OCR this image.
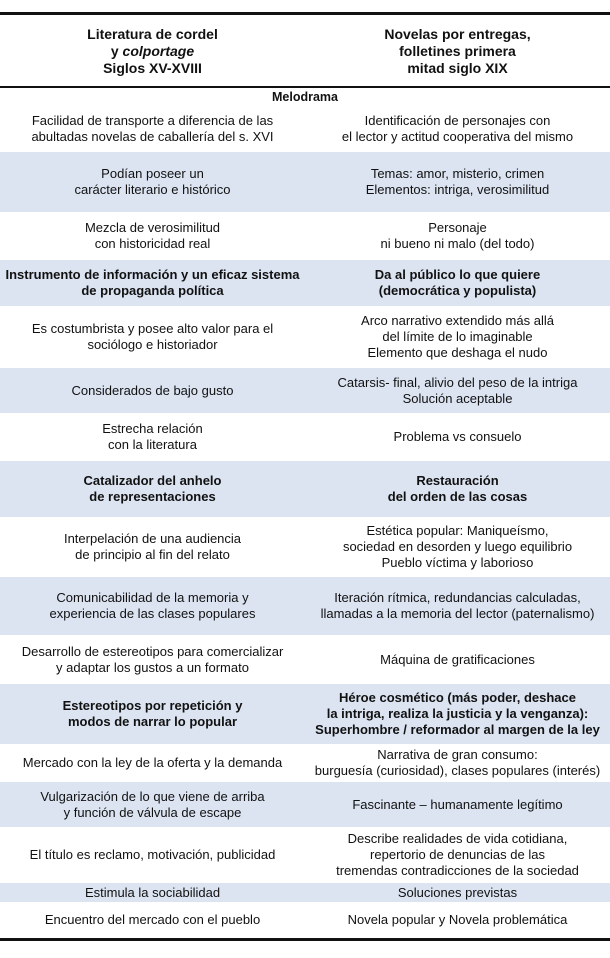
Literatura de cordel
y colportage
Siglos XV-XVIII
Novelas por entregas,
folletines primera
mitad siglo XIX
Melodrama
Facilidad de transporte a diferencia de las
abultadas novelas de caballería del s. XVI
Identificación de personajes con
el lector y actitud cooperativa del mismo
Podían poseer un
carácter literario e histórico
Temas: amor, misterio, crimen
Elementos: intriga, verosimilitud
Mezcla de verosimilitud
con historicidad real
Personaje
ni bueno ni malo (del todo)
Instrumento de información y un eficaz sistema
de propaganda política
Da al público lo que quiere
(democrática y populista)
Es costumbrista y posee alto valor para el
sociólogo e historiador
Arco narrativo extendido más allá
del límite de lo imaginable
Elemento que deshaga el nudo
Considerados de bajo gusto
Catarsis- final, alivio del peso de la intriga
Solución aceptable
Estrecha relación
con la literatura
Problema vs consuelo
Catalizador del anhelo
de representaciones
Restauración
del orden de las cosas
Interpelación de una audiencia
de principio al fin del relato
Estética popular: Maniqueísmo,
sociedad en desorden y luego equilibrio
Pueblo víctima y laborioso
Comunicabilidad de la memoria y
experiencia de las clases populares
Iteración rítmica, redundancias calculadas,
llamadas a la memoria del lector (paternalismo)
Desarrollo de estereotipos para comercializar
y adaptar los gustos a un formato
Máquina de gratificaciones
Estereotipos por repetición y
modos de narrar lo popular
Héroe cosmético (más poder, deshace
la intriga, realiza la justicia y la venganza):
Superhombre / reformador al margen de la ley
Mercado con la ley de la oferta y la demanda
Narrativa de gran consumo:
burguesía (curiosidad), clases populares (interés)
Vulgarización de lo que viene de arriba
y función de válvula de escape
Fascinante – humanamente legítimo
El título es reclamo, motivación, publicidad
Describe realidades de vida cotidiana,
repertorio de denuncias de las
tremendas contradicciones de la sociedad
Estimula la sociabilidad	Soluciones previstas
Encuentro del mercado con el pueblo	Novela popular y Novela problemática
